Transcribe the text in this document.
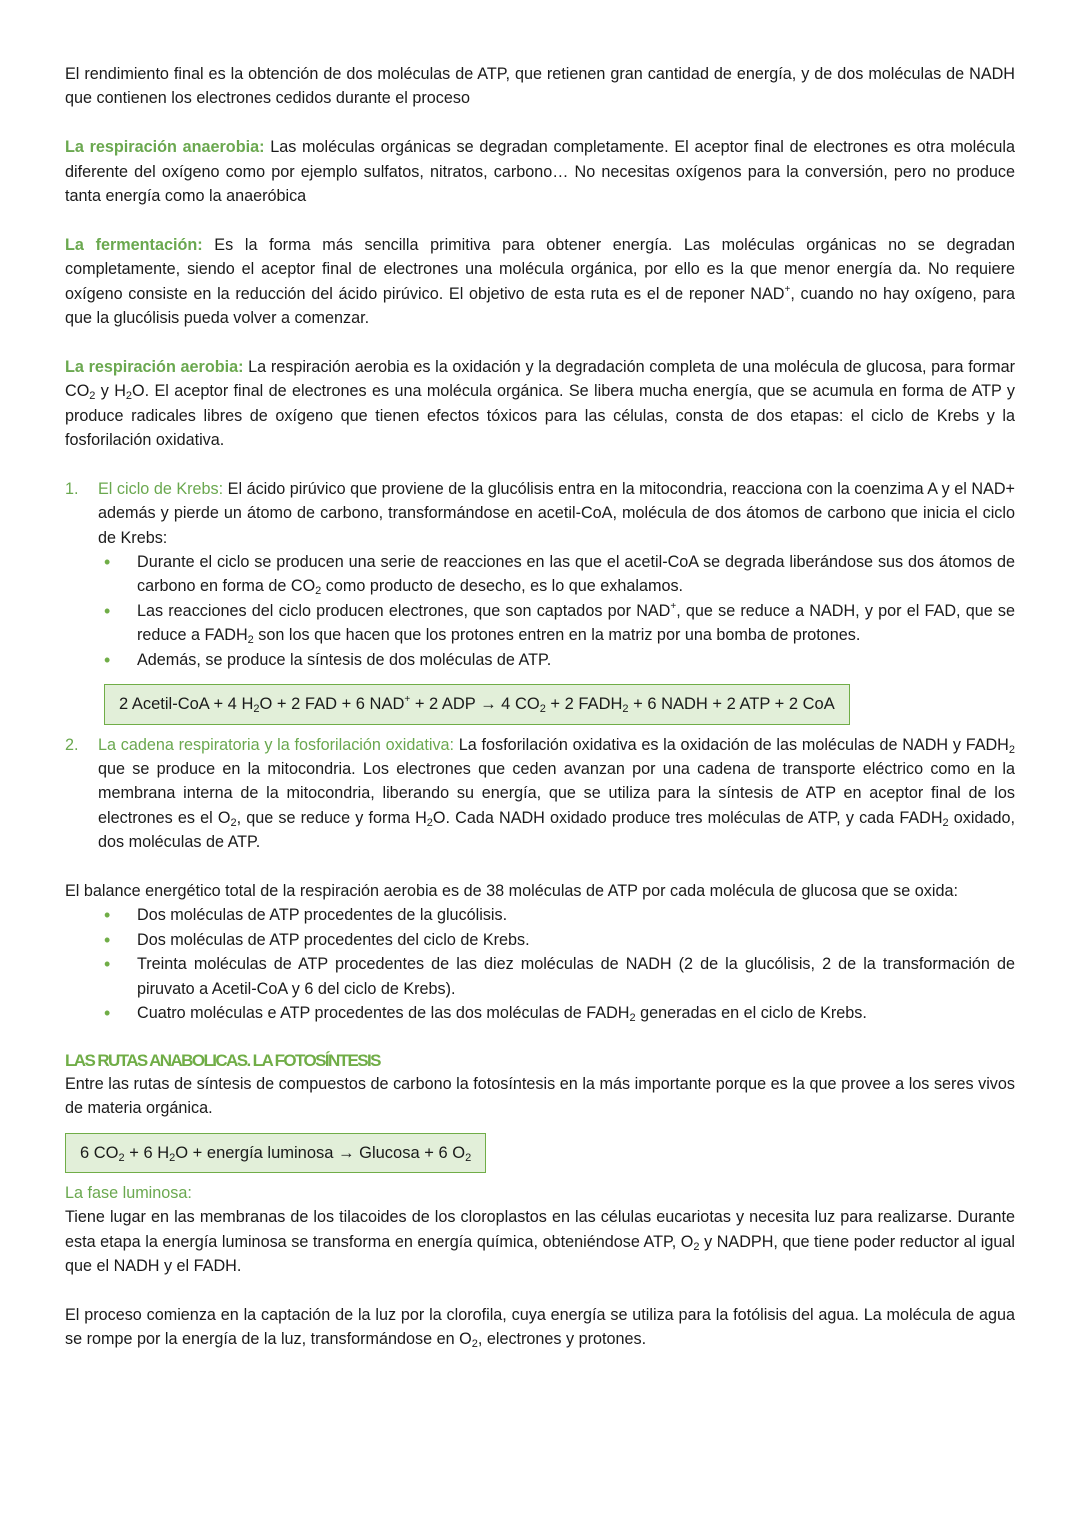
El rendimiento final es la obtención de dos moléculas de ATP, que retienen gran cantidad de energía, y de dos moléculas de NADH que contienen los electrones cedidos durante el proceso

La respiración anaerobia: Las moléculas orgánicas se degradan completamente. El aceptor final de electrones es otra molécula diferente del oxígeno como por ejemplo sulfatos, nitratos, carbono… No necesitas oxígenos para la conversión, pero no produce tanta energía como la anaeróbica

La fermentación: Es la forma más sencilla primitiva para obtener energía. Las moléculas orgánicas no se degradan completamente, siendo el aceptor final de electrones una molécula orgánica, por ello es la que menor energía da. No requiere oxígeno consiste en la reducción del ácido pirúvico. El objetivo de esta ruta es el de reponer NAD+, cuando no hay oxígeno, para que la glucólisis pueda volver a comenzar.

La respiración aerobia: La respiración aerobia es la oxidación y la degradación completa de una molécula de glucosa, para formar $CO_2$ y $H_2O$. El aceptor final de electrones es una molécula orgánica. Se libera mucha energía, que se acumula en forma de ATP y produce radicales libres de oxígeno que tienen efectos tóxicos para las células, consta de dos etapas: el ciclo de Krebs y la fosforilación oxidativa.

1. El ciclo de Krebs: El ácido pirúvico que proviene de la glucólisis entra en la mitocondria, reacciona con la coenzima A y el NAD+ además y pierde un átomo de carbono, transformándose en acetil-CoA, molécula de dos átomos de carbono que inicia el ciclo de Krebs:
• Durante el ciclo se producen una serie de reacciones en las que el acetil-CoA se degrada liberándose sus dos átomos de carbono en forma de $CO_2$ como producto de desecho, es lo que exhalamos.
• Las reacciones del ciclo producen electrones, que son captados por NAD+, que se reduce a NADH, y por el FAD, que se reduce a $FADH_2$ son los que hacen que los protones entren en la matriz por una bomba de protones.
• Además, se produce la síntesis de dos moléculas de ATP.
2 Acetil-CoA + 4 $H_2O + 2$ FAD + 6 NAD+ + 2 ADP → 4 $CO_2 + 2$ $FADH_2 + 6$ NADH + 2 ATP + 2 CoA
2. La cadena respiratoria y la fosforilación oxidativa: La fosforilación oxidativa es la oxidación de las moléculas de NADH y $FADH_2$ que se produce en la mitocondria. Los electrones que ceden avanzan por una cadena de transporte eléctrico como en la membrana interna de la mitocondria, liberando su energía, que se utiliza para la síntesis de ATP en aceptor final de los electrones es el $O_2$, que se reduce y forma $H_2O$. Cada NADH oxidado produce tres moléculas de ATP, y cada $FADH_2$ oxidado, dos moléculas de ATP.

El balance energético total de la respiración aerobia es de 38 moléculas de ATP por cada molécula de glucosa que se oxida:

• Dos moléculas de ATP procedentes de la glucólisis.
• Dos moléculas de ATP procedentes del ciclo de Krebs.
• Treinta moléculas de ATP procedentes de las diez moléculas de NADH (2 de la glucólisis, 2 de la transformación de piruvato a Acetil-CoA y 6 del ciclo de Krebs).
• Cuatro moléculas e ATP procedentes de las dos moléculas de $FADH_2$ generadas en el ciclo de Krebs.
LAS RUTAS ANABOLICAS. LA FOTOSÍNTESIS

Entre las rutas de síntesis de compuestos de carbono la fotosíntesis en la más importante porque es la que provee a los seres vivos de materia orgánica.

6 $CO_2 + 6$ $H_2O$ + energía luminosa → Glucosa + 6 $O_2$

La fase luminosa:

Tiene lugar en las membranas de los tilacoides de los cloroplastos en las células eucariotas y necesita luz para realizarse. Durante esta etapa la energía luminosa se transforma en energía química, obteniéndose ATP, $O_2$ y NADPH, que tiene poder reductor al igual que el NADH y el FADH.

El proceso comienza en la captación de la luz por la clorofila, cuya energía se utiliza para la fotólisis del agua. La molécula de agua se rompe por la energía de la luz, transformándose en $O_2$, electrones y protones.
